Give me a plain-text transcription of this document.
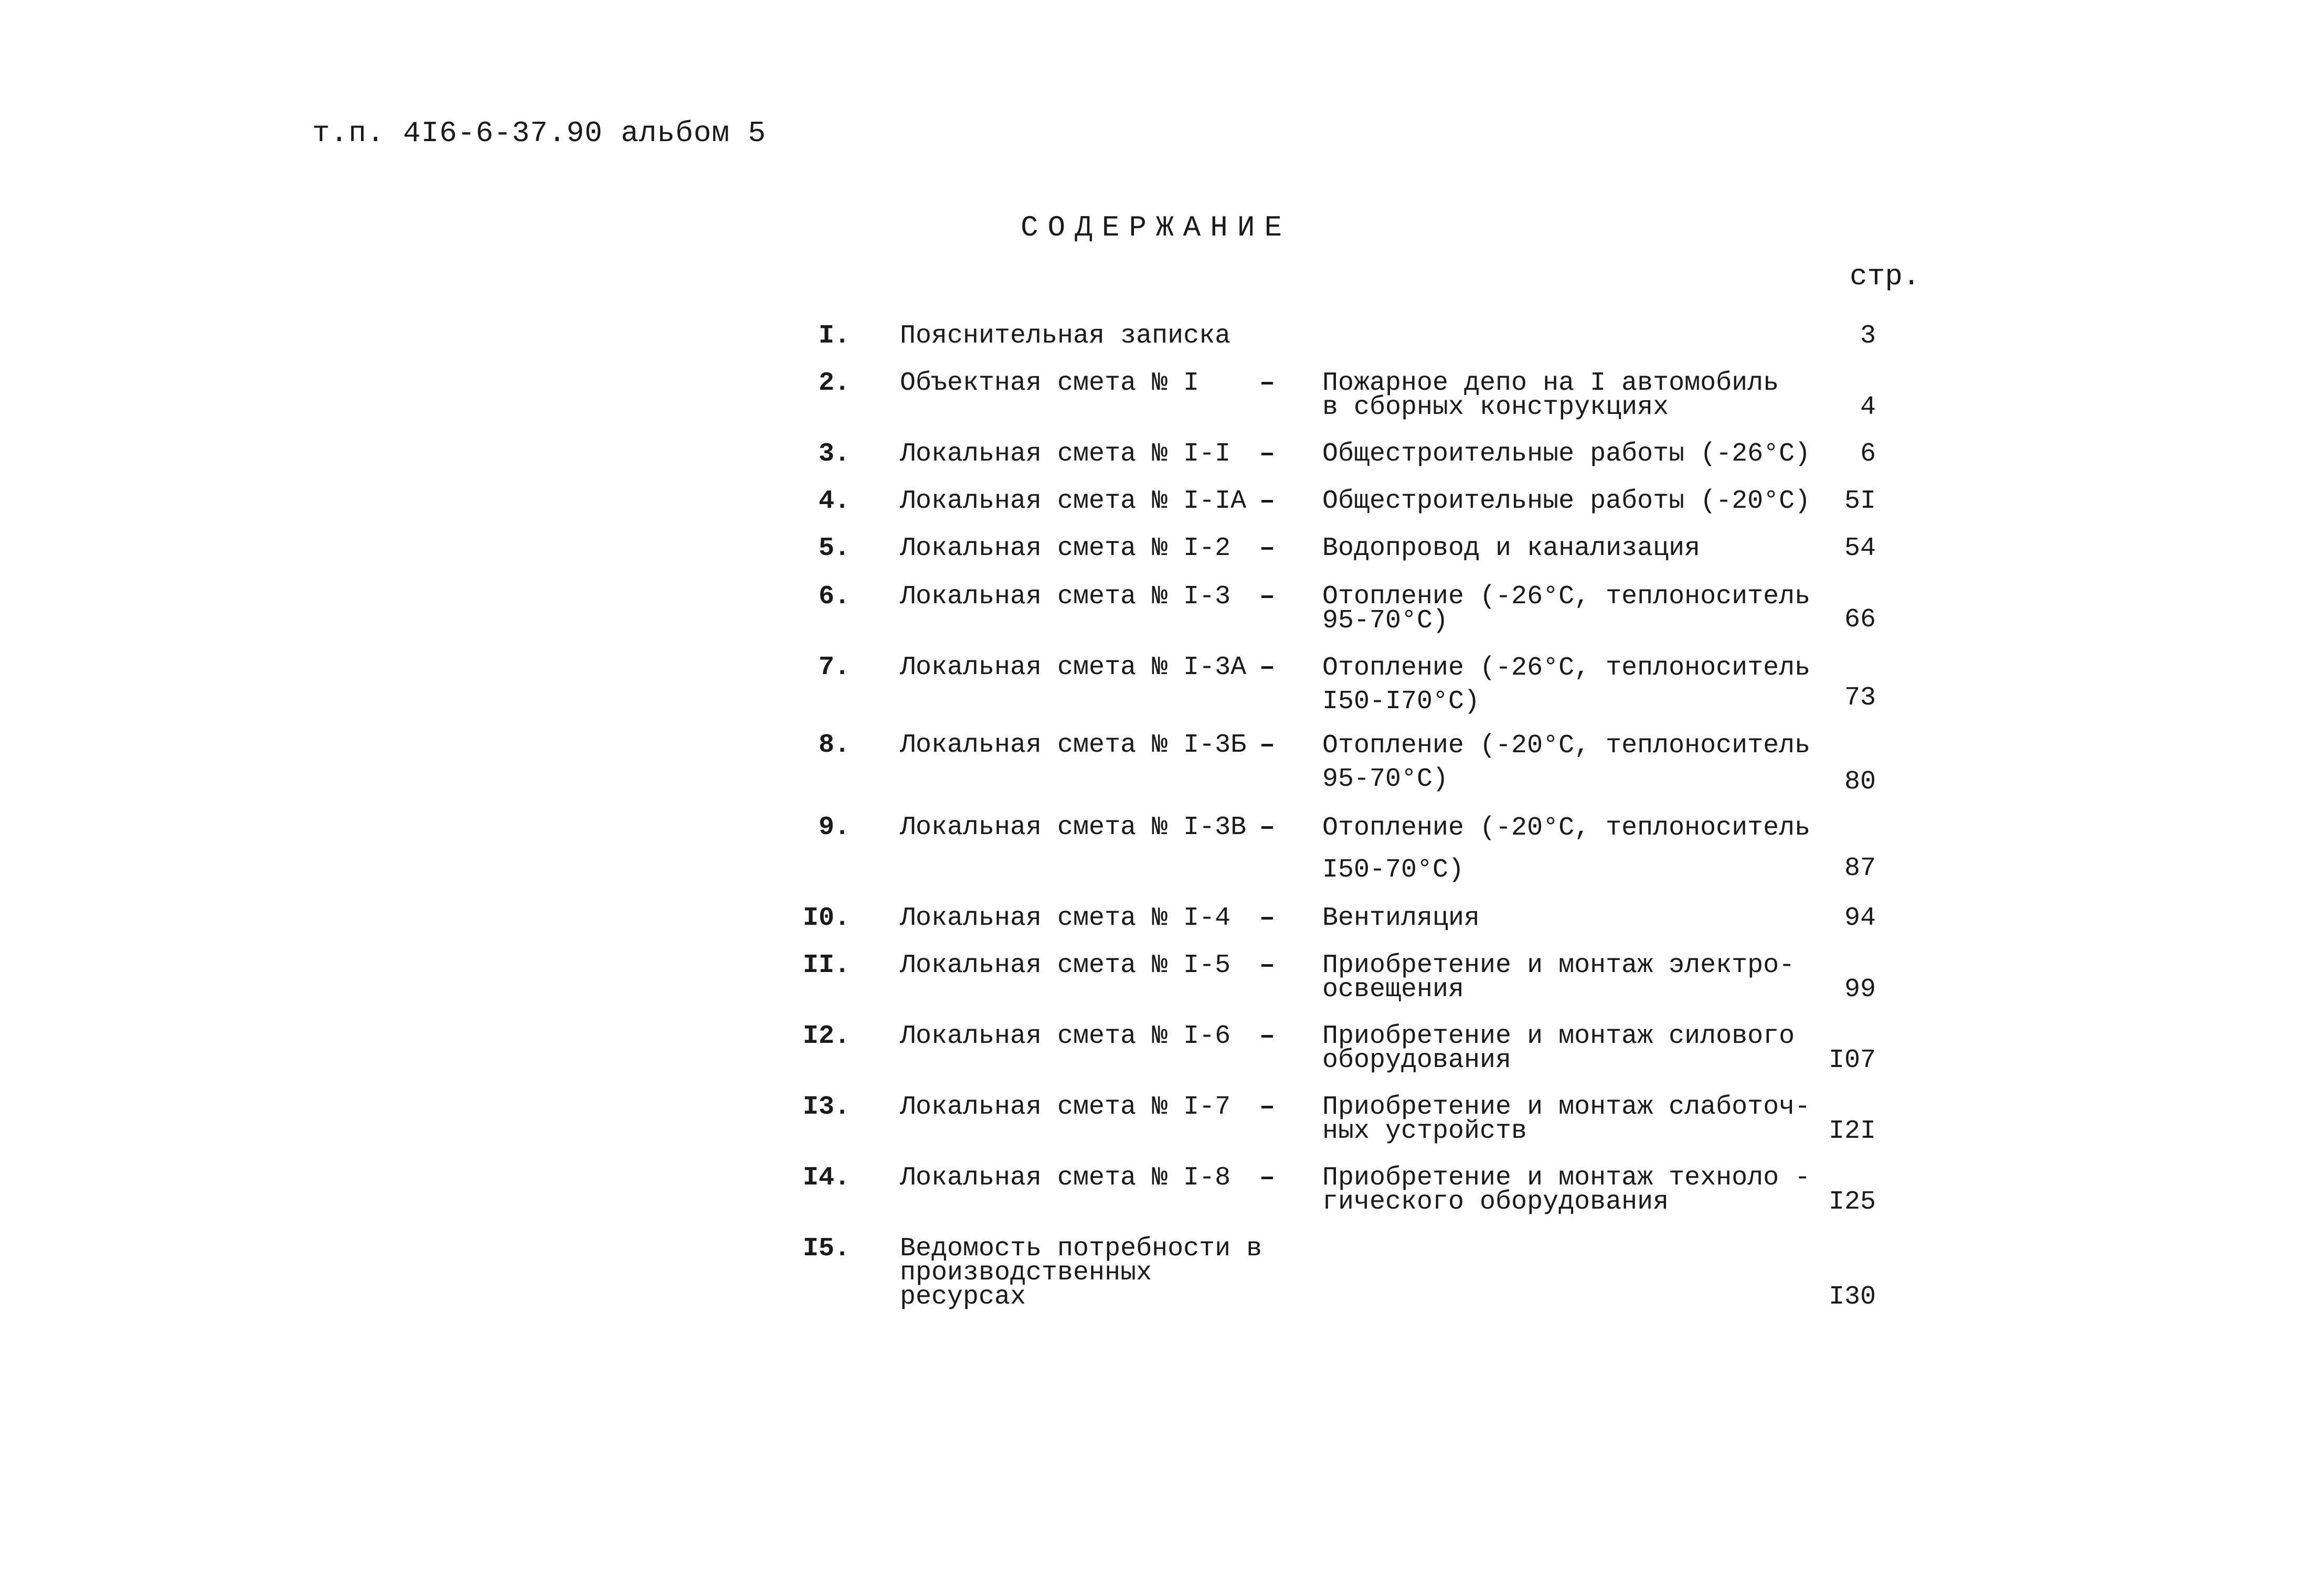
т.п. 4I6-6-37.90 альбом 5
СОДЕРЖАНИЕ
стр.
I. Пояснительная записка	3
2. Объектная смета № I	– Пожарное депо на I автомобиль
в сборных конструкциях	4
3. Локальная смета № I-I	– Общестроительные работы (-26°С)	6
4. Локальная смета № I-IА – Общестроительные работы (-20°С)	5I
5. Локальная смета № I-2	– Водопровод и канализация	54
6. Локальная смета № I-3	– Отопление (-26°С, теплоноситель
95-70°С)	66
7. Локальная смета № I-3А – Отопление (-26°С, теплоноситель
I50-I70°С)	73
8. Локальная смета № I-3Б – Отопление (-20°С, теплоноситель
95-70°С)	80
9. Локальная смета № I-3В – Отопление (-20°С, теплоноситель
I50-70°С)	87
I0. Локальная смета № I-4	– Вентиляция	94
II. Локальная смета № I-5	– Приобретение и монтаж электро-
освещения	99
I2. Локальная смета № I-6	– Приобретение и монтаж силового
оборудования	I07
I3. Локальная смета № I-7	– Приобретение и монтаж слаботоч-
ных устройств	I2I
I4. Локальная смета № I-8	– Приобретение и монтаж техноло -
гического оборудования	I25
I5. Ведомость потребности в
производственных
ресурсах	I30
